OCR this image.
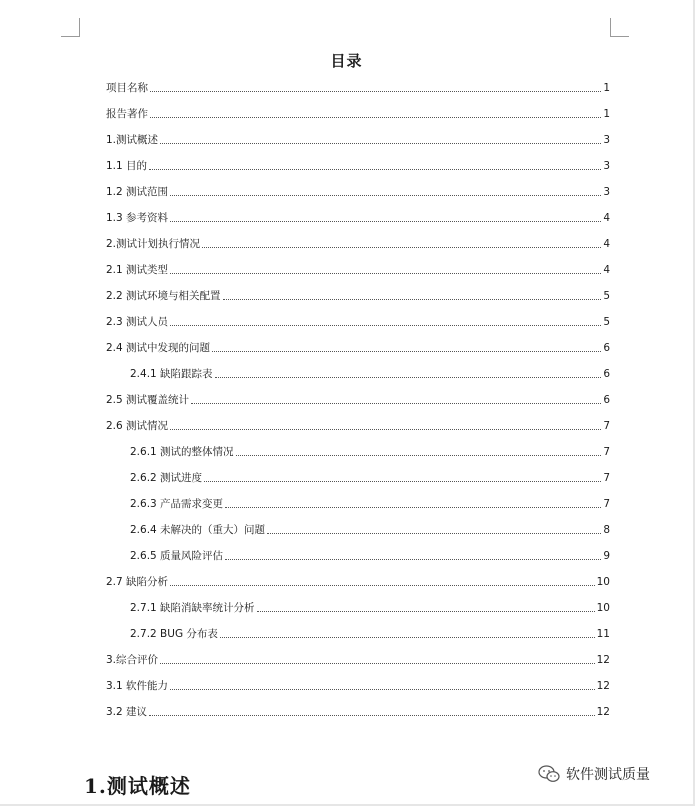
目录
项目名称	1
报告著作	1
1.测试概述	3
1.1 目的	3
1.2 测试范围	3
1.3 参考资料	4
2.测试计划执行情况	4
2.1 测试类型	4
2.2 测试环境与相关配置	5
2.3 测试人员	5
2.4 测试中发现的问题	6
2.4.1 缺陷跟踪表	6
2.5 测试覆盖统计	6
2.6 测试情况	7
2.6.1 测试的整体情况	7
2.6.2 测试进度	7
2.6.3 产品需求变更	7
2.6.4 未解决的（重大）问题	8
2.6.5 质量风险评估	9
2.7 缺陷分析	10
2.7.1 缺陷消缺率统计分析	10
2.7.2 BUG 分布表	11
3.综合评价	12
3.1 软件能力	12
3.2 建议	12
1.测试概述	软件测试质量
